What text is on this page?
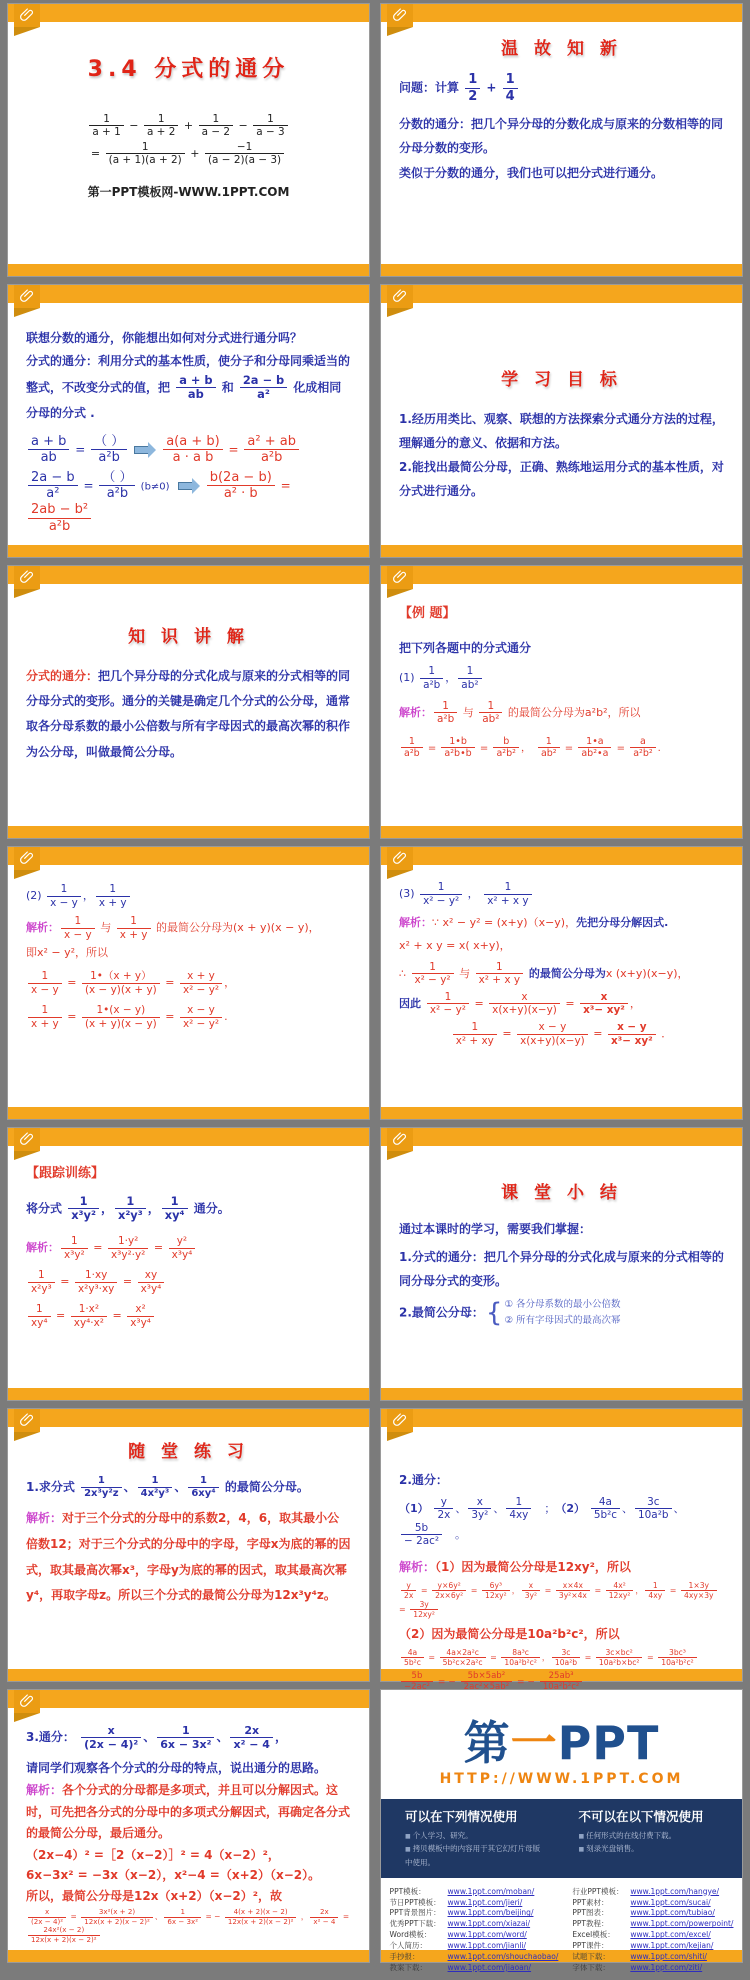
3.4 分式的通分
$\frac{1}{a + 1} - \frac{1}{a + 2} + \frac{1}{a - 2} - \frac{1}{a - 3}$
= $\frac{1}{(a + 1)(a + 2)} + \frac{-1}{(a - 2)(a - 3)}$
第一PPT模板网-WWW.1PPT.COM
温 故 知 新
问题：计算 $\frac{1}{2} + \frac{1}{4}$
分数的通分：把几个异分母的分数化成与原来的分数相等的同分母分数的变形。
类似于分数的通分，我们也可以把分式进行通分。
联想分数的通分，你能想出如何对分式进行通分吗？
分式的通分：利用分式的基本性质，使分子和分母同乘适当的整式，不改变分式的值，把 $\frac{a + b}{ab}$ 和 $\frac{2a - b}{\text{a²}}$ 化成相同分母的分式 .
$\frac{a + b}{ab}$ =
（ ）
a²b	$\frac{a(a + b)}{\text{a · a b}} = \frac{\text{a² + ab}}{\text{a²b}}$
$\frac{2a - b}{\text{a²}}$ =
（ ）
a²b (b≠0)	$\frac{b(2a - b)}{\text{a² · b}}$ =
$\frac{\text{2ab − b²}}{\text{a²b}}$
学 习 目 标
1.经历用类比、观察、联想的方法探索分式通分方法的过程，理解通分的意义、依据和方法。
2.能找出最简公分母，正确、熟练地运用分式的基本性质，对分式进行通分。
知 识 讲 解
分式的通分：把几个异分母的分式化成与原来的分式相等的同分母分式的变形。通分的关键是确定几个分式的公分母，通常取各分母系数的最小公倍数与所有字母因式的最高次幂的积作为公分母，叫做最简公分母。
【例 题】
把下列各题中的分式通分
$(1) \frac{1}{\text{a²b}}$ ， $\frac{1}{\text{ab²}}$
解析： $\frac{1}{\text{a²b}}$ 与 $\frac{1}{\text{ab²}}$ 的最简公分母为a²b²，所以
$\frac{1}{\text{a²b}} = \frac{1•b}{\text{a²b•b}} = \frac{b}{\text{a²b²}}$ ，　 $\frac{1}{\text{ab²}} = \frac{1•a}{\text{ab²•a}} = \frac{a}{\text{a²b²}}$ .
$(2) \frac{1}{x - y}$ ， $\frac{1}{x + y}$
解析： $\frac{1}{x - y}$ 与 $\frac{1}{x + y}$ 的最简公分母为(x + y)(x − y)，
即x² − y²，所以
$\frac{1}{x - y} = \frac{1•(x + y)}{(x - y)(x + y)} = \frac{x + y}{\text{x² − y²}}$ ，
$\frac{1}{x + y} = \frac{1•(x - y)}{(x + y)(x - y)} = \frac{x - y}{\text{x² − y²}}$ .
$(3) \frac{1}{\text{x² − y²}}$ ， $\frac{1}{\text{x² + x y}}$
解析：∵ x² − y² = (x+y)（x−y)，先把分母分解因式.
x² + x y = x( x+y)，
∴ $\frac{1}{\text{x² − y²}}$ 与 $\frac{1}{\text{x² + x y}}$ 的最简公分母为x (x+y)(x−y)，
因此 $\frac{1}{\text{x² − y²}} = \frac{x}{x(x+y)(x-y)} = \frac{x}{\text{x³− xy²}}$ ，
$\frac{1}{\text{x² + xy}} = \frac{x - y}{x(x+y)(x-y)} = \frac{x - y}{\text{x³− xy²}}$ ．
【跟踪训练】
将分式 $\frac{1}{\text{x³y²}}$ ， $\frac{1}{\text{x²y³}}$ ， $\frac{1}{\text{xy⁴}}$ 通分。
解析： $\frac{1}{\text{x³y²}} = \frac{\text{1·y²}}{\text{x³y²·y²}} = \frac{\text{y²}}{\text{x³y⁴}}$
$\frac{1}{\text{x²y³}} = \frac{1\cdot xy}{\text{x²y³·xy}} = \frac{xy}{\text{x³y⁴}}$
$\frac{1}{\text{xy⁴}} = \frac{\text{1·x²}}{\text{xy⁴·x²}} = \frac{\text{x²}}{\text{x³y⁴}}$
课 堂 小 结
通过本课时的学习，需要我们掌握：
1.分式的通分：把几个异分母的分式化成与原来的分式相等的同分母分式的变形。
2.最简公分母：{ ① 各分母系数的最小公倍数
② 所有字母因式的最高次幂
随 堂 练 习
1.求分式 $\frac{1}{\text{2x³y²z}}$ 、 $\frac{1}{\text{4x²y³}}$ 、 $\frac{1}{\text{6xy⁴}}$ 的最简公分母。
解析：对于三个分式的分母中的系数2，4，6，取其最小公倍数12；对于三个分式的分母中的字母，字母x为底的幂的因式，取其最高次幂x³，字母y为底的幂的因式，取其最高次幂y⁴，再取字母z。所以三个分式的最简公分母为12x³y⁴z。
2.通分：
$(1) \frac{y}{2x}$ 、 $\frac{x}{\text{3y²}}$ 、 $\frac{1}{4xy}$ 　；　$(2) \frac{4a}{\text{5b²c}}$ 、 $\frac{3c}{\text{10a²b}}$ 、
$\frac{5b}{\text{− 2ac²}}$ 　。
解析：（1）因为最简公分母是12xy²，所以
$\frac{y}{2x} = \frac{\text{y×6y²}}{\text{2x×6y²}} = \frac{\text{6y³}}{\text{12xy²}}$ ， $\frac{x}{\text{3y²}} = \frac{x\times 4x}{\text{3y²×4x}} = \frac{\text{4x²}}{\text{12xy²}}$ ， $\frac{1}{4xy} = \frac{1\times 3y}{4xy\times 3y}$
= $\frac{3y}{\text{12xy²}}$
（2）因为最简公分母是10a²b²c²，所以
$\frac{4a}{\text{5b²c}} = \frac{\text{4a×2a²c}}{\text{5b²c×2a²c}} = \frac{\text{8a³c}}{\text{10a²b²c²}}$ ， $\frac{3c}{\text{10a²b}} = \frac{\text{3c×bc²}}{\text{10a²b×bc²}} = \frac{\text{3bc³}}{\text{10a²b²c²}}$
$\frac{5b}{\text{−2ac²}}$ = − $\frac{\text{5b×5ab²}}{\text{2ac²×5ab²}}$ = − $\frac{\text{25ab³}}{\text{10a²b²c²}}$
3.通分： $\frac{x}{\text{(2x − 4)²}}$ 、 $\frac{1}{\text{6x − 3x²}}$ 、 $\frac{2x}{\text{x² − 4}}$ ，
请同学们观察各个分式的分母的特点，说出通分的思路。
解析：各个分式的分母都是多项式，并且可以分解因式。这时，可先把各分式的分母中的多项式分解因式，再确定各分式的最简公分母，最后通分。
（2x−4）² =［2（x−2）］² = 4（x−2）²，
6x−3x² = −3x（x−2），x²−4 =（x+2）（x−2）。
所以，最简公分母是12x（x+2）（x−2）²，故
$\frac{x}{\text{(2x − 4)²}} = \frac{\text{3x²(x + 2)}}{\text{12x(x + 2)(x − 2)²}}$ 、 $\frac{1}{\text{6x − 3x²}}$ = − $\frac{4(x + 2)(x - 2)}{\text{12x(x + 2)(x − 2)²}}$ ， $\frac{2x}{\text{x² − 4}}$ =
$\frac{\text{24x²(x − 2)}}{\text{12x(x + 2)(x − 2)²}}$
第一PPT
HTTP://WWW.1PPT.COM
可以在下列情况使用
■ 个人学习、研究。
■ 拷贝模板中的内容用于其它幻灯片母版中使用。
不可以在以下情况使用
■ 任何形式的在线付费下载。
■ 刻录光盘销售。
PPT模板：	www.1ppt.com/moban/
节日PPT模板： www.1ppt.com/jieri/
PPT背景图片： www.1ppt.com/beijing/
优秀PPT下载： www.1ppt.com/xiazai/
Word模板： www.1ppt.com/word/
个人简历：	www.1ppt.com/jianli/
手抄报：	www.1ppt.com/shouchaobao/
教案下载：	www.1ppt.com/jiaoan/
行业PPT模板： www.1ppt.com/hangye/
PPT素材：	www.1ppt.com/sucai/
PPT图表：	www.1ppt.com/tubiao/
PPT教程：	www.1ppt.com/powerpoint/
Excel模板： www.1ppt.com/excel/
PPT课件：	www.1ppt.com/kejian/
试题下载：	www.1ppt.com/shiti/
字体下载：	www.1ppt.com/ziti/
